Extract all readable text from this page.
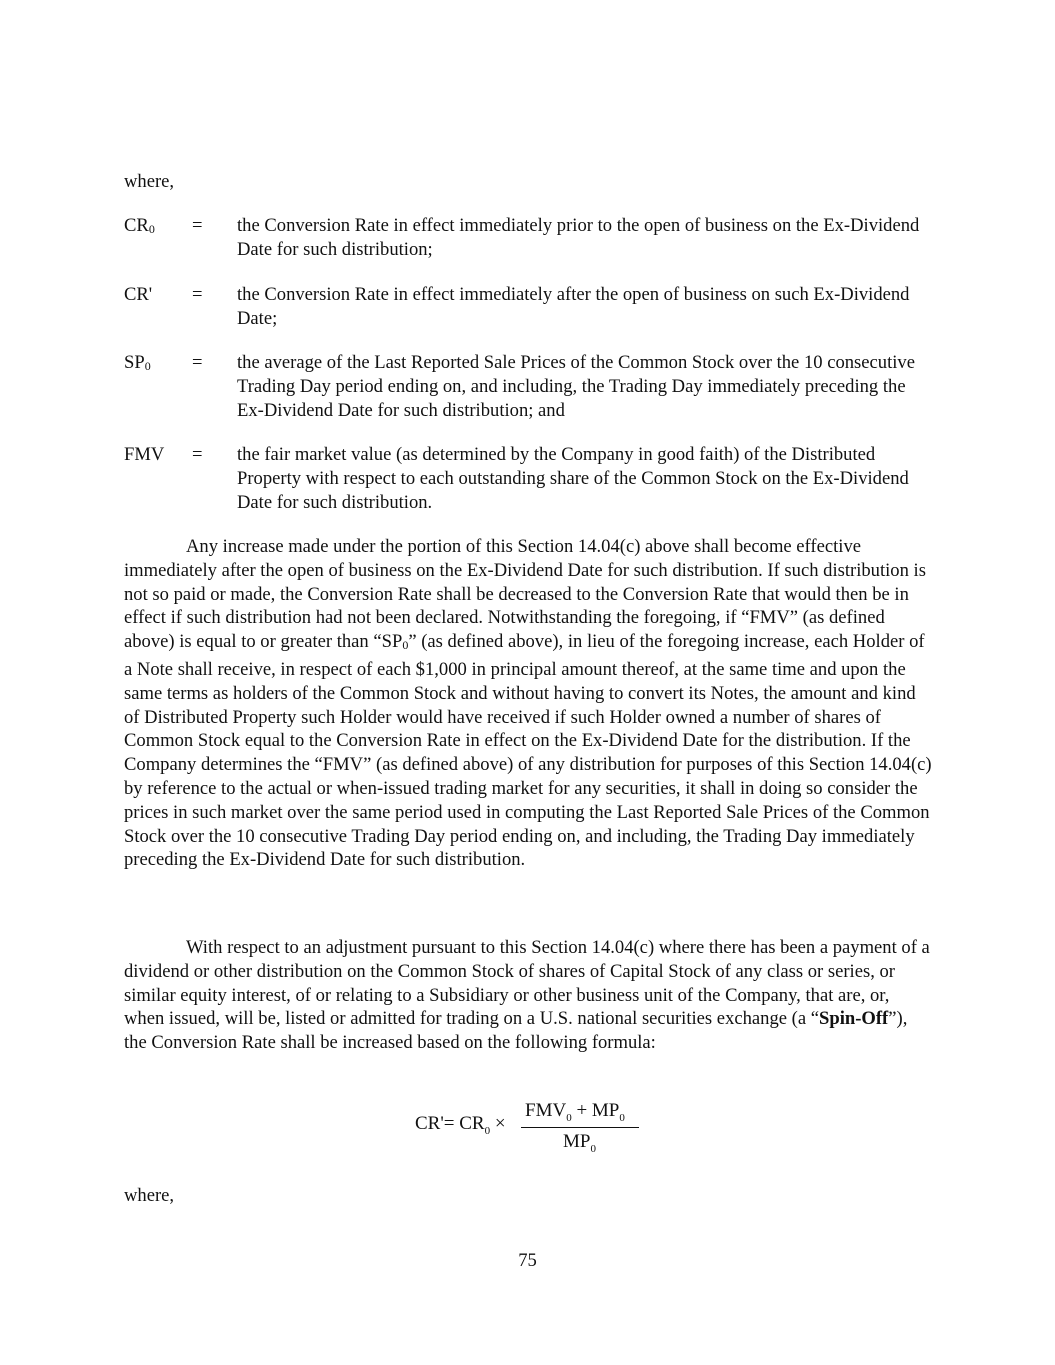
where,
$CR_0$ = the Conversion Rate in effect immediately prior to the open of business on the Ex-Dividend Date for such distribution;
CR' = the Conversion Rate in effect immediately after the open of business on such Ex-Dividend Date;
$SP_0$ = the average of the Last Reported Sale Prices of the Common Stock over the 10 consecutive Trading Day period ending on, and including, the Trading Day immediately preceding the Ex-Dividend Date for such distribution; and
FMV = the fair market value (as determined by the Company in good faith) of the Distributed Property with respect to each outstanding share of the Common Stock on the Ex-Dividend Date for such distribution.

Any increase made under the portion of this Section 14.04(c) above shall become effective immediately after the open of business on the Ex-Dividend Date for such distribution. If such distribution is not so paid or made, the Conversion Rate shall be decreased to the Conversion Rate that would then be in effect if such distribution had not been declared. Notwithstanding the foregoing, if “FMV” (as defined above) is equal to or greater than “$SP_0$” (as defined above), in lieu of the foregoing increase, each Holder of a Note shall receive, in respect of each $1,000 in principal amount thereof, at the same time and upon the same terms as holders of the Common Stock and without having to convert its Notes, the amount and kind of Distributed Property such Holder would have received if such Holder owned a number of shares of Common Stock equal to the Conversion Rate in effect on the Ex-Dividend Date for the distribution. If the Company determines the “FMV” (as defined above) of any distribution for purposes of this Section 14.04(c) by reference to the actual or when-issued trading market for any securities, it shall in doing so consider the prices in such market over the same period used in computing the Last Reported Sale Prices of the Common Stock over the 10 consecutive Trading Day period ending on, and including, the Trading Day immediately preceding the Ex-Dividend Date for such distribution.

With respect to an adjustment pursuant to this Section 14.04(c) where there has been a payment of a dividend or other distribution on the Common Stock of shares of Capital Stock of any class or series, or similar equity interest, of or relating to a Subsidiary or other business unit of the Company, that are, or, when issued, will be, listed or admitted for trading on a U.S. national securities exchange (a “Spin-Off”), the Conversion Rate shall be increased based on the following formula:

$CR'= CR_0$ ×
$FMV_0 + MP_0$
$MP_0$
where,
75
